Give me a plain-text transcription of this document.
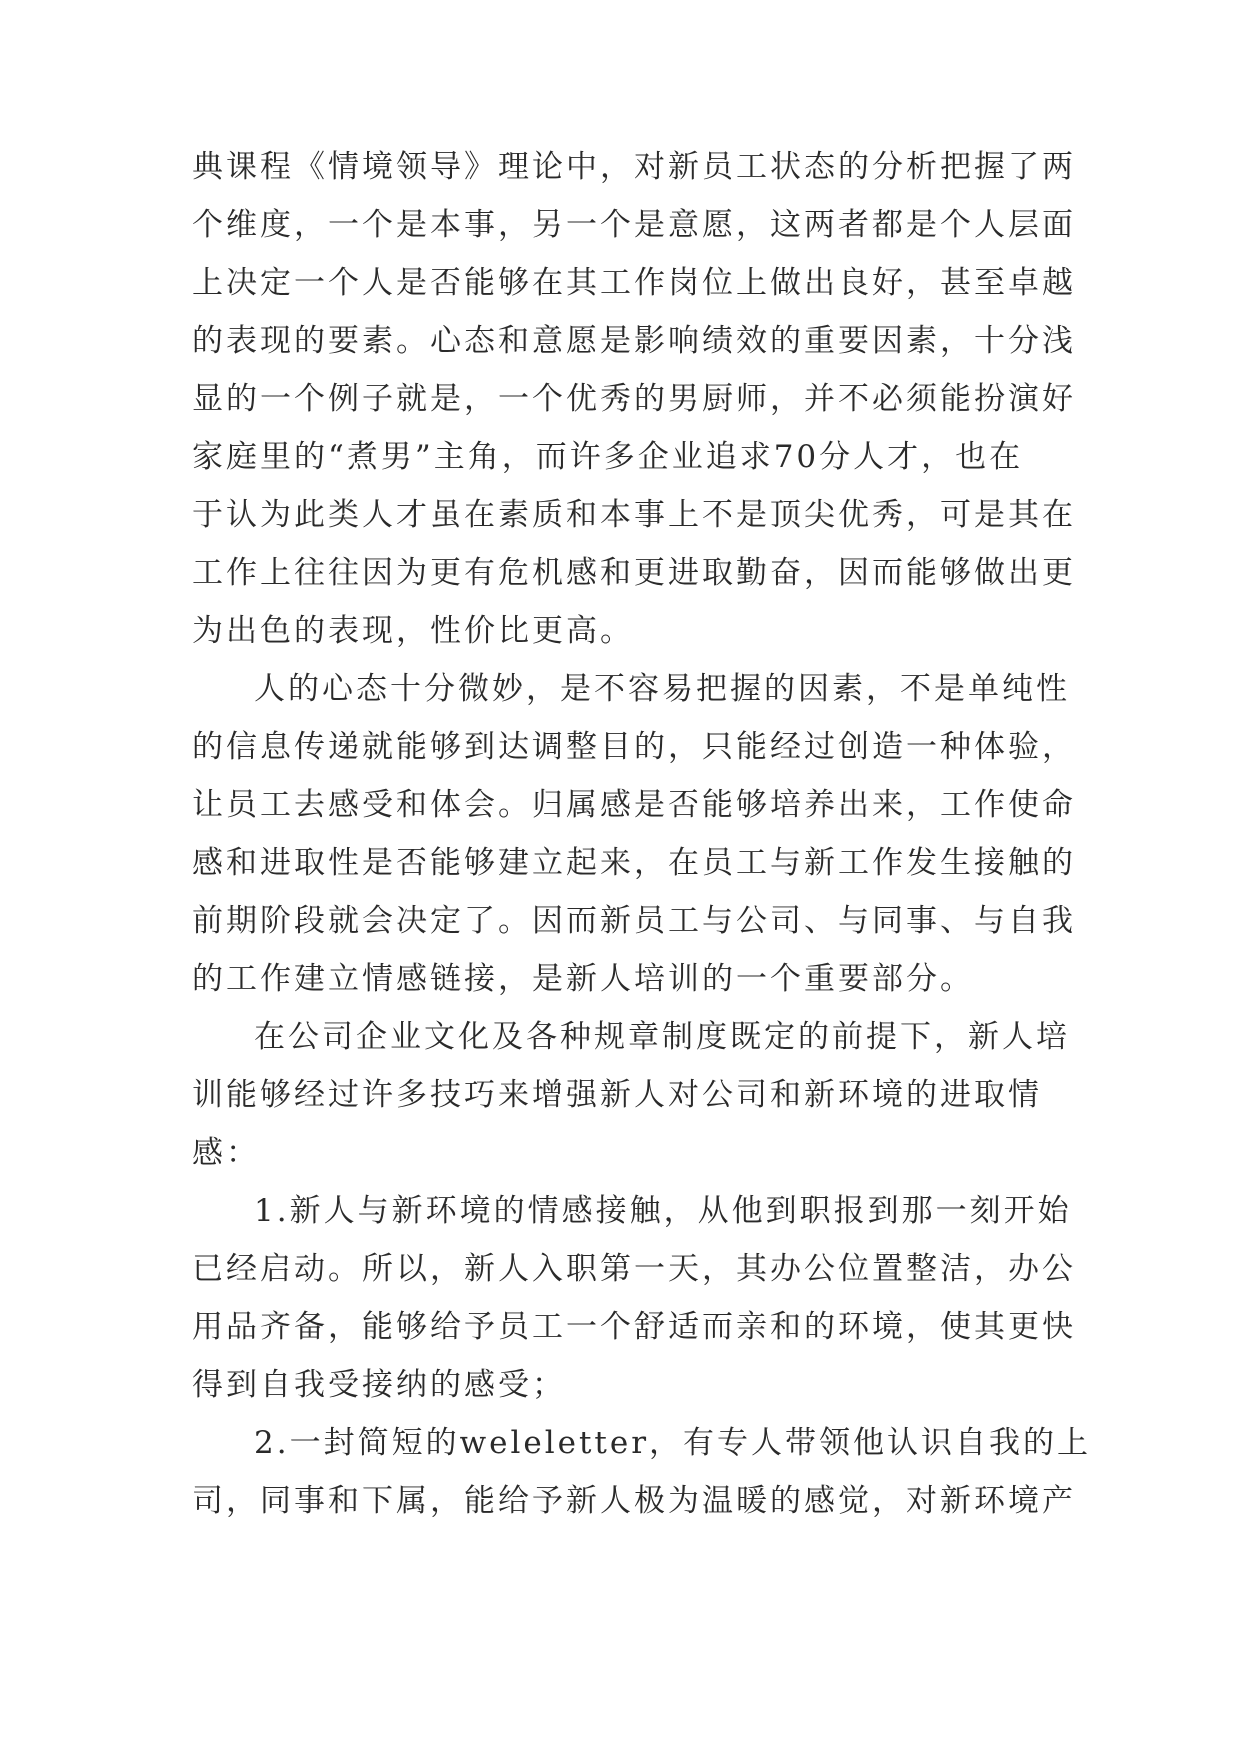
典课程《情境领导》理论中，对新员工状态的分析把握了两
个维度，一个是本事，另一个是意愿，这两者都是个人层面
上决定一个人是否能够在其工作岗位上做出良好，甚至卓越
的表现的要素。心态和意愿是影响绩效的重要因素，十分浅
显的一个例子就是，一个优秀的男厨师，并不必须能扮演好
家庭里的“煮男”主角，而许多企业追求70分人才，也在
于认为此类人才虽在素质和本事上不是顶尖优秀，可是其在
工作上往往因为更有危机感和更进取勤奋，因而能够做出更
为出色的表现，性价比更高。
人的心态十分微妙，是不容易把握的因素，不是单纯性
的信息传递就能够到达调整目的，只能经过创造一种体验，
让员工去感受和体会。归属感是否能够培养出来，工作使命
感和进取性是否能够建立起来，在员工与新工作发生接触的
前期阶段就会决定了。因而新员工与公司、与同事、与自我
的工作建立情感链接，是新人培训的一个重要部分。
在公司企业文化及各种规章制度既定的前提下，新人培
训能够经过许多技巧来增强新人对公司和新环境的进取情
感：
1.新人与新环境的情感接触，从他到职报到那一刻开始
已经启动。所以，新人入职第一天，其办公位置整洁，办公
用品齐备，能够给予员工一个舒适而亲和的环境，使其更快
得到自我受接纳的感受；
2.一封简短的weleletter，有专人带领他认识自我的上
司，同事和下属，能给予新人极为温暖的感觉，对新环境产
